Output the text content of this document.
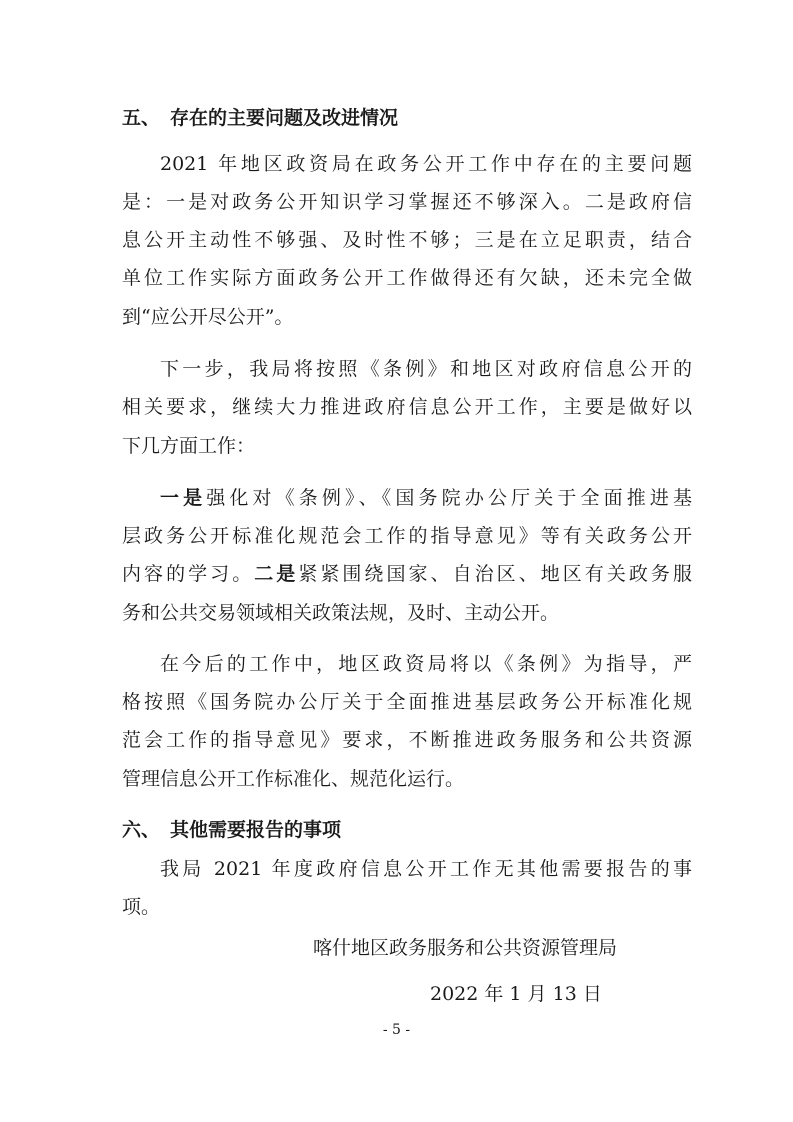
五、 存在的主要问题及改进情况
2021 年地区政资局在政务公开工作中存在的主要问题
是：一是对政务公开知识学习掌握还不够深入。二是政府信
息公开主动性不够强、及时性不够；三是在立足职责，结合
单位工作实际方面政务公开工作做得还有欠缺，还未完全做
到“应公开尽公开”。
下一步，我局将按照《条例》和地区对政府信息公开的
相关要求，继续大力推进政府信息公开工作，主要是做好以
下几方面工作：
一是强化对《条例》、《国务院办公厅关于全面推进基
层政务公开标准化规范会工作的指导意见》等有关政务公开
内容的学习。二是紧紧围绕国家、自治区、地区有关政务服
务和公共交易领域相关政策法规，及时、主动公开。
在今后的工作中，地区政资局将以《条例》为指导，严
格按照《国务院办公厅关于全面推进基层政务公开标准化规
范会工作的指导意见》要求，不断推进政务服务和公共资源
管理信息公开工作标准化、规范化运行。
六、 其他需要报告的事项
我局 2021 年度政府信息公开工作无其他需要报告的事
项。
喀什地区政务服务和公共资源管理局
2022 年 1 月 13 日
- 5 -
